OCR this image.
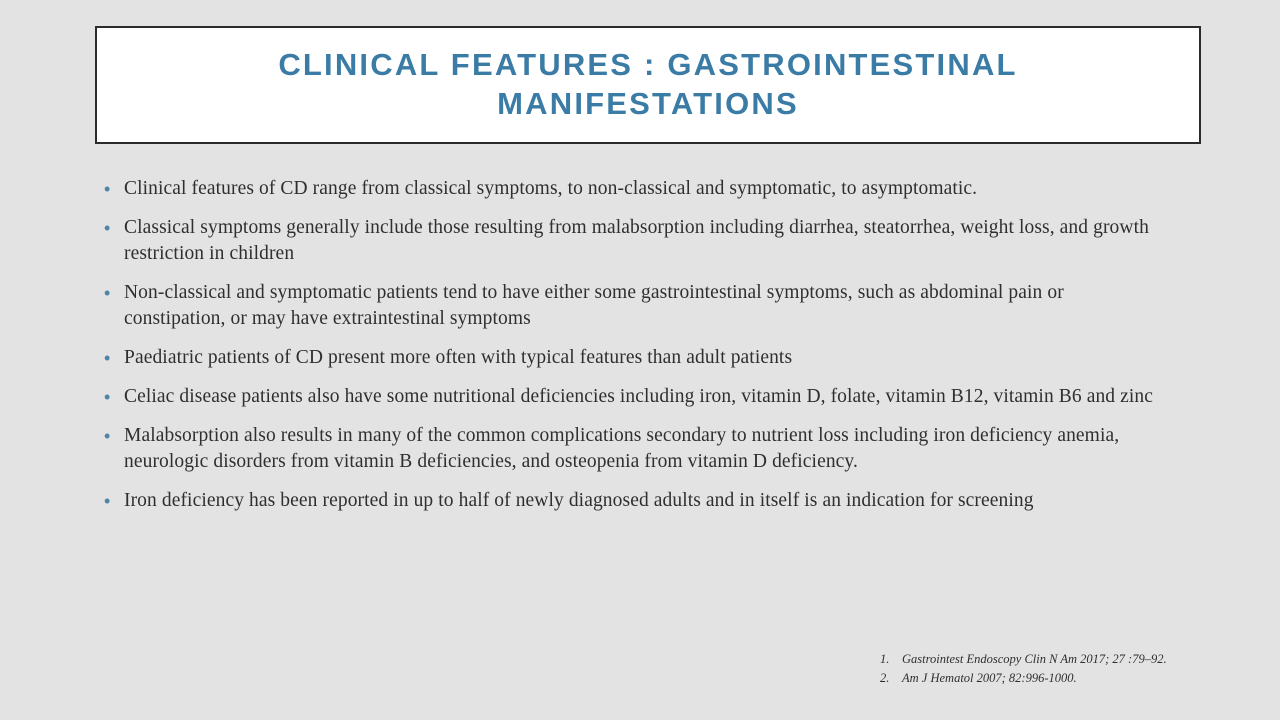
CLINICAL FEATURES : GASTROINTESTINAL MANIFESTATIONS
• Clinical features of CD range from classical symptoms, to non-classical and symptomatic, to asymptomatic.
• Classical symptoms generally include those resulting from malabsorption including diarrhea, steatorrhea, weight loss, and growth restriction in children
• Non-classical and symptomatic patients tend to have either some gastrointestinal symptoms, such as abdominal pain or constipation, or may have extraintestinal symptoms
• Paediatric patients of CD present more often with typical features than adult patients
• Celiac disease patients also have some nutritional deficiencies including iron, vitamin D, folate, vitamin B12, vitamin B6 and zinc
• Malabsorption also results in many of the common complications secondary to nutrient loss including iron deficiency anemia, neurologic disorders from vitamin B deficiencies, and osteopenia from vitamin D deficiency.
• Iron deficiency has been reported in up to half of newly diagnosed adults and in itself is an indication for screening
1.	Gastrointest Endoscopy Clin N Am 2017; 27 :79–92.
2.	Am J Hematol 2007; 82:996-1000.
